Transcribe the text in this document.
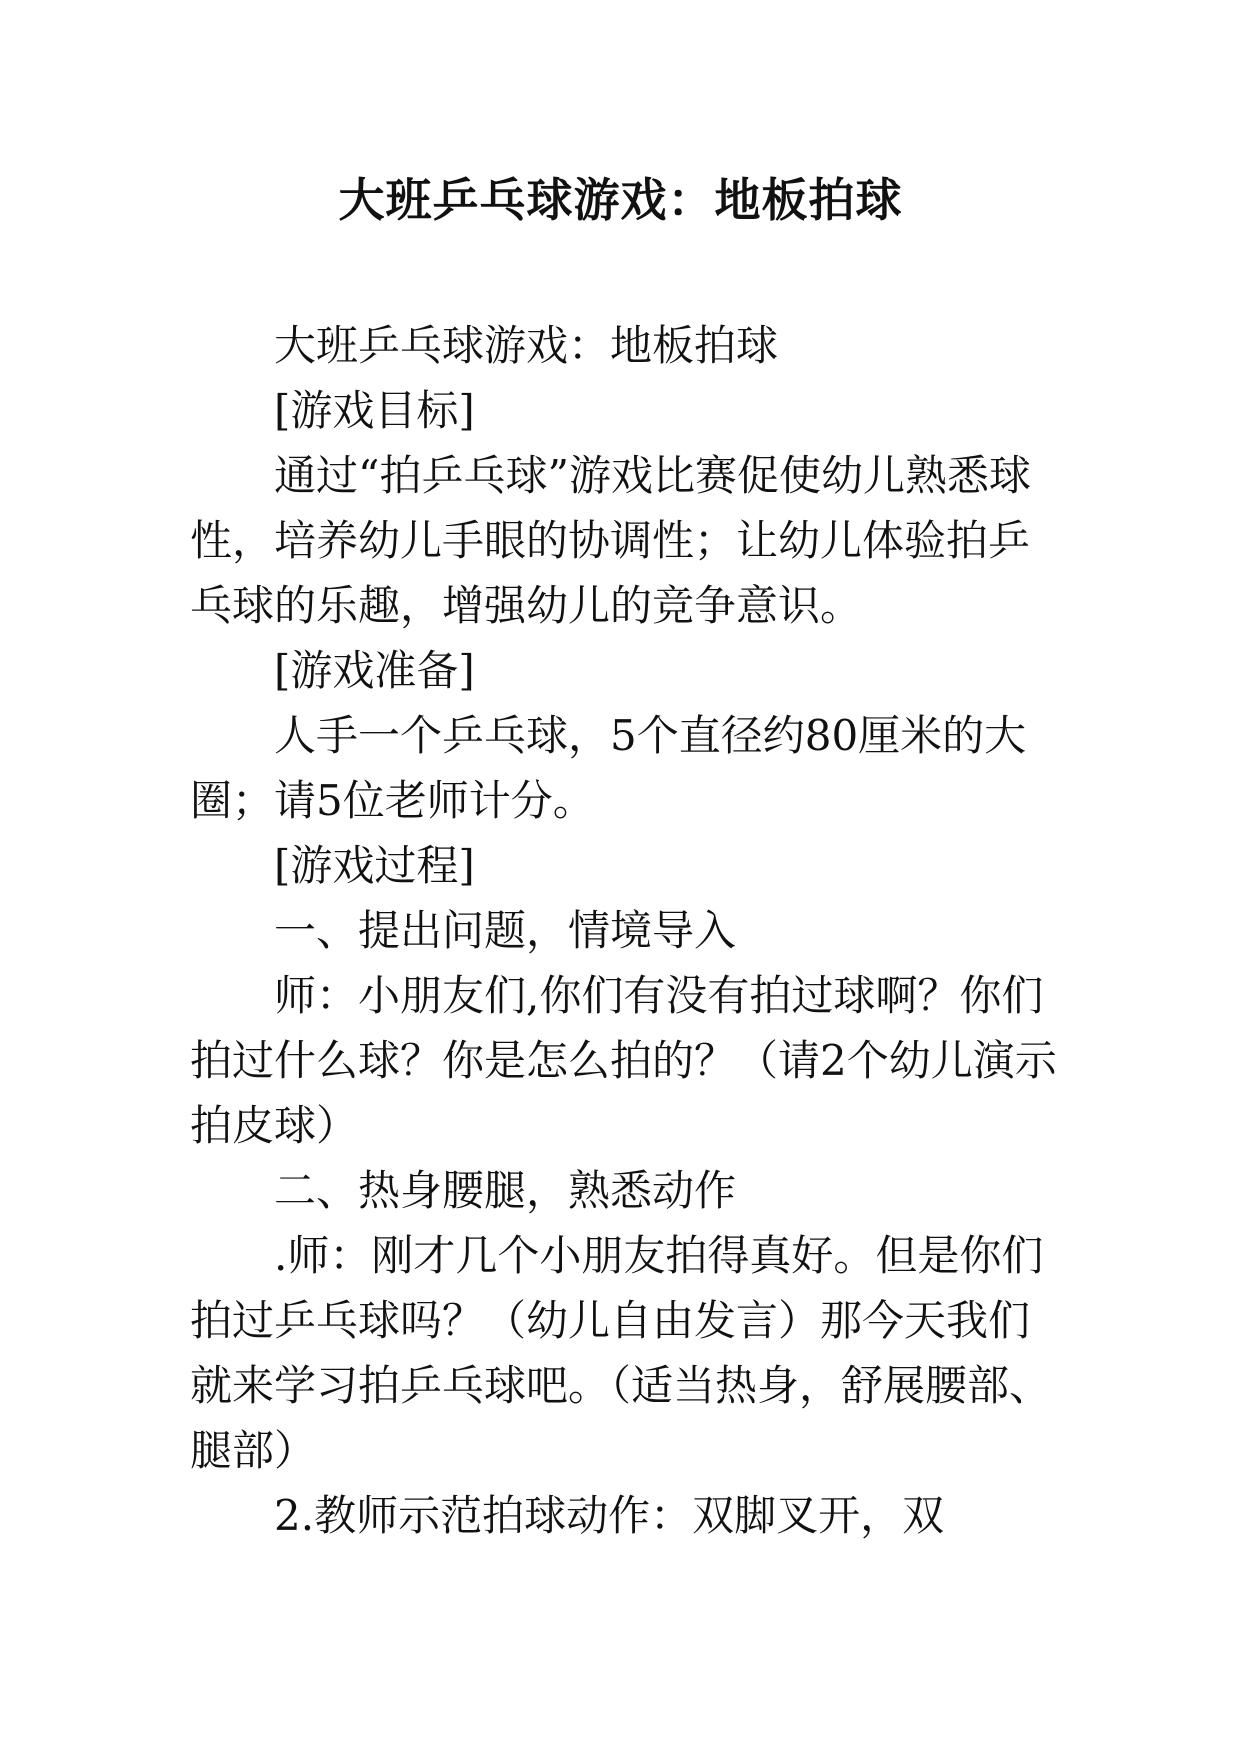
大班乒乓球游戏：地板拍球

大班乒乓球游戏：地板拍球

[游戏目标]

通过“拍乒乓球”游戏比赛促使幼儿熟悉球性，培养幼儿手眼的协调性；让幼儿体验拍乒乓球的乐趣，增强幼儿的竞争意识。

[游戏准备]

人手一个乒乓球，5个直径约80厘米的大圈；请5位老师计分。

[游戏过程]

一、提出问题，情境导入

师：小朋友们,你们有没有拍过球啊？你们拍过什么球？你是怎么拍的？（请2个幼儿演示拍皮球）

二、热身腰腿，熟悉动作

.师：刚才几个小朋友拍得真好。但是你们拍过乒乓球吗？（幼儿自由发言）那今天我们就来学习拍乒乓球吧。（适当热身，舒展腰部、腿部）

2.教师示范拍球动作：双脚叉开，双
